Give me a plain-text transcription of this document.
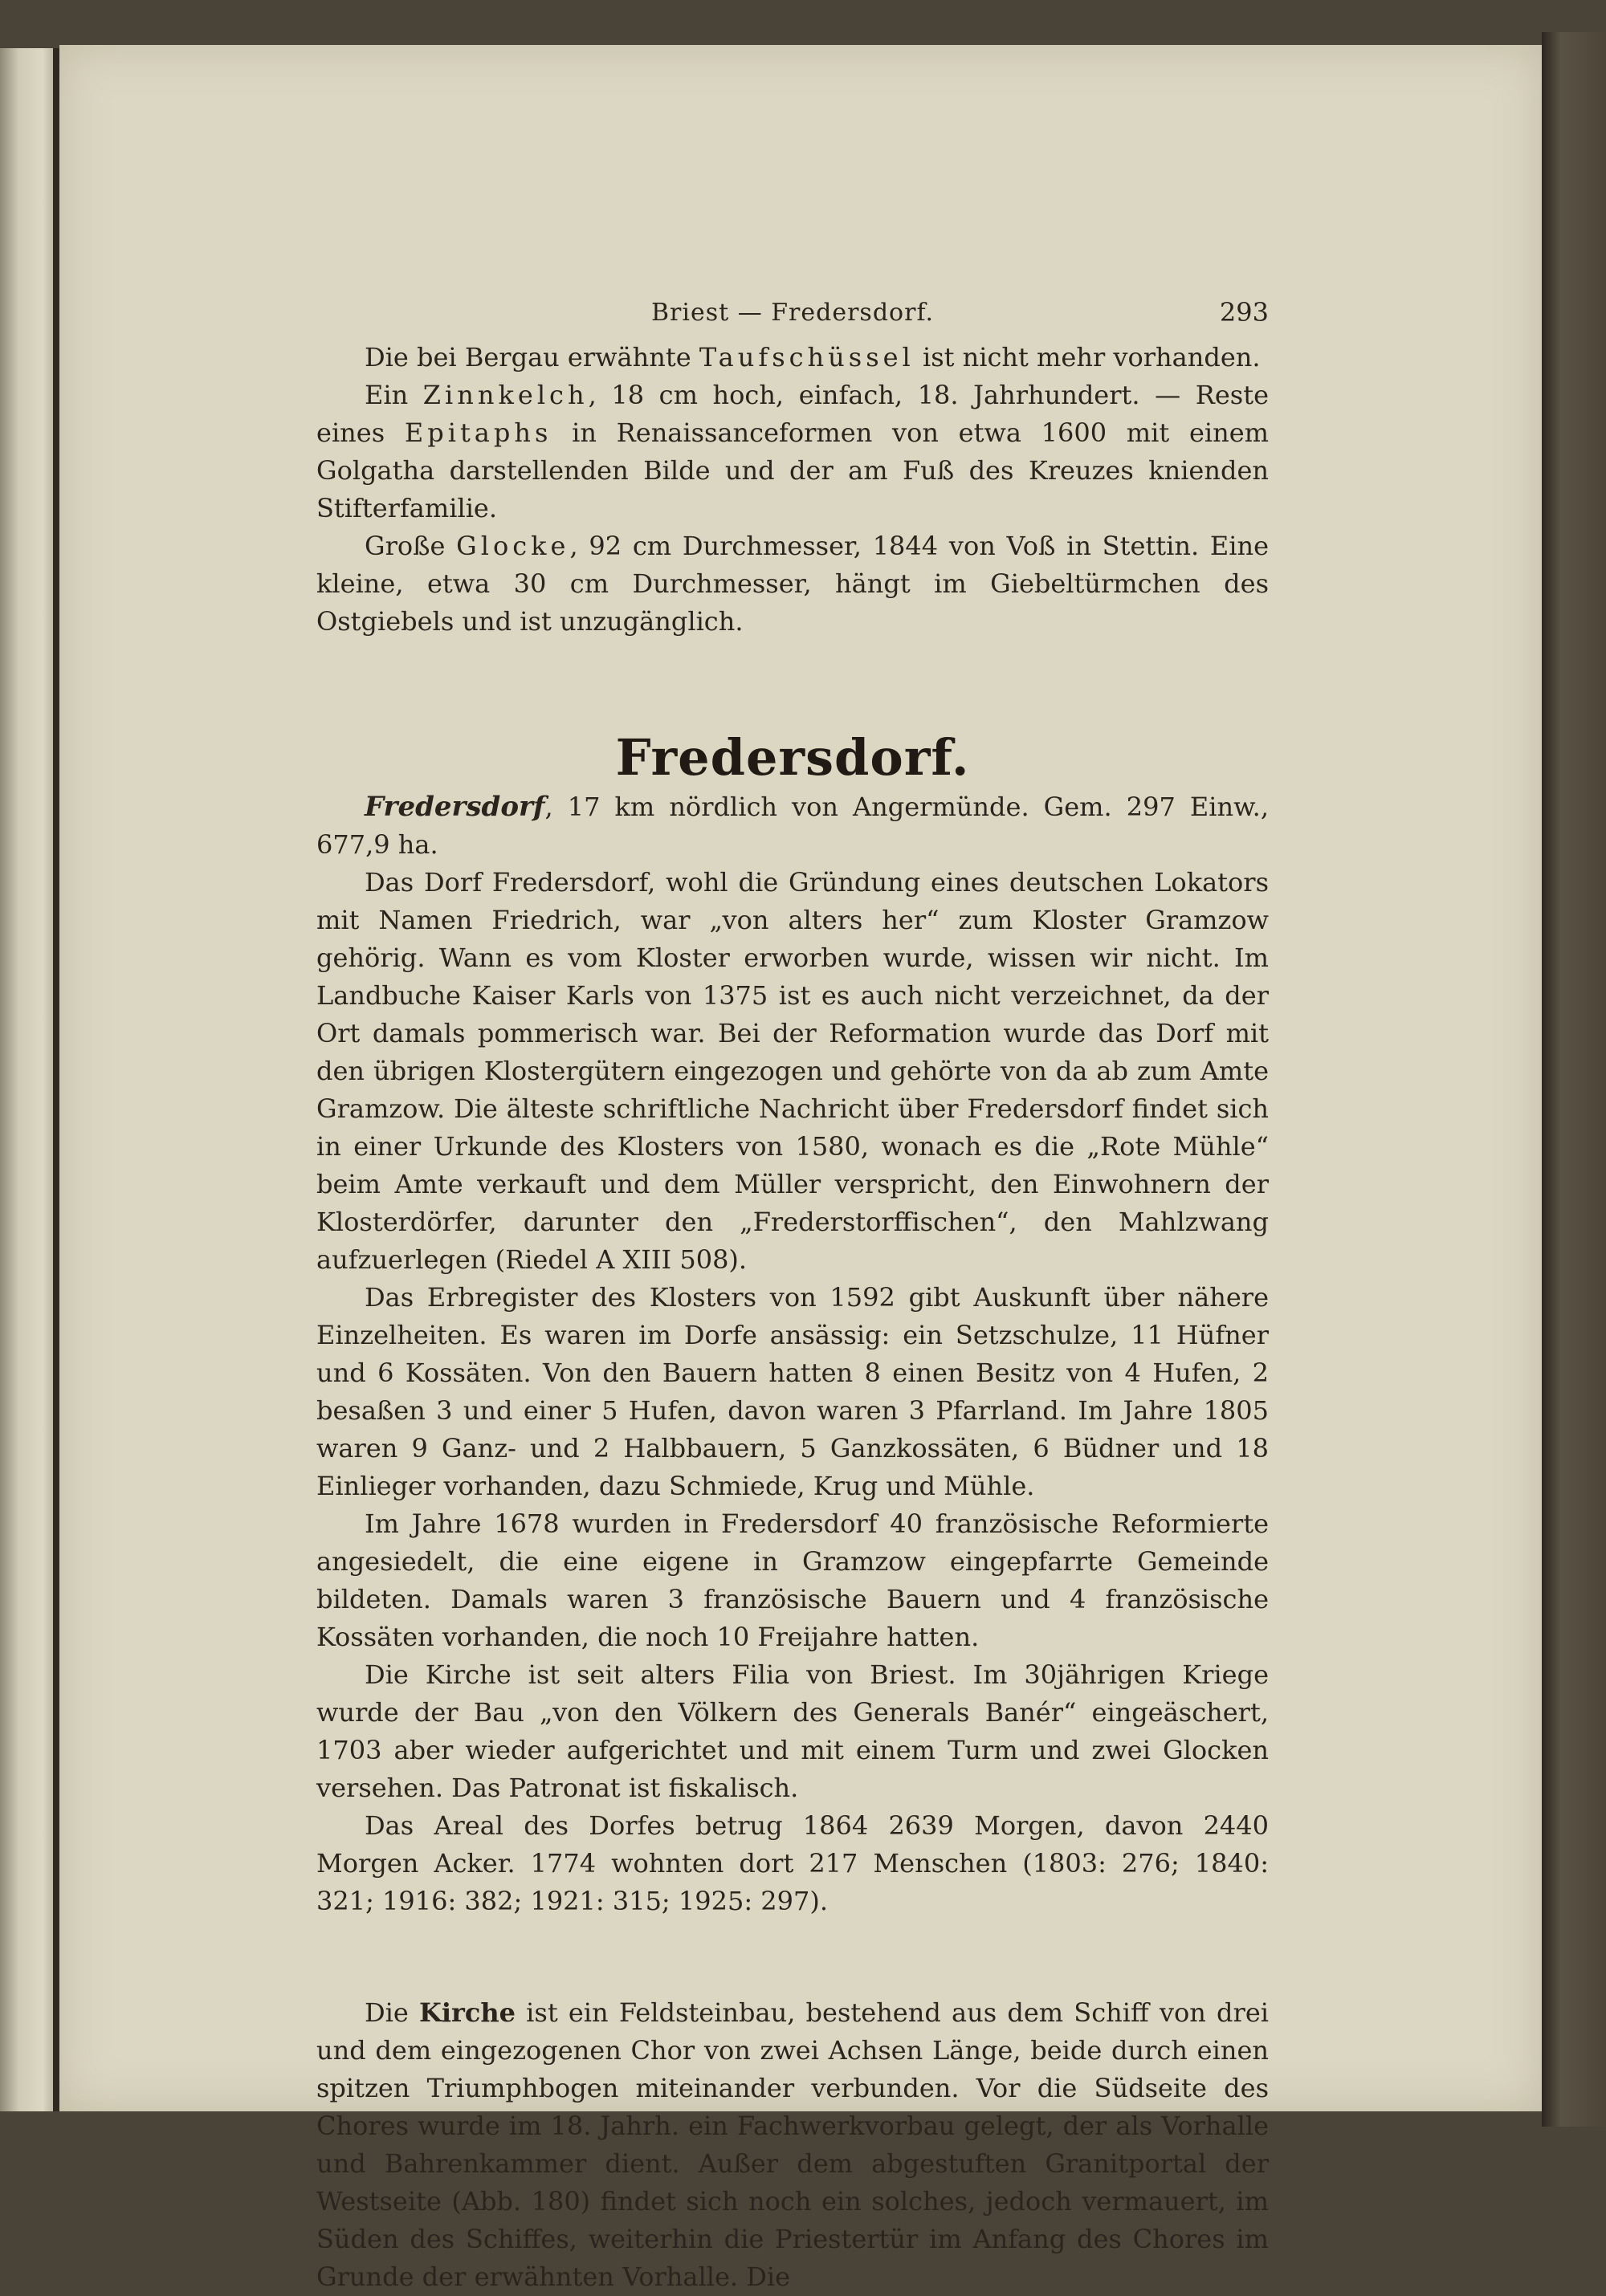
Briest — Fredersdorf.	293

Die bei Bergau erwähnte Taufschüssel ist nicht mehr vorhanden.

Ein Zinnkelch, 18 cm hoch, einfach, 18. Jahrhundert. — Reste eines Epitaphs in Renaissanceformen von etwa 1600 mit einem Golgatha darstellenden Bilde und der am Fuß des Kreuzes knienden Stifterfamilie.

Große Glocke, 92 cm Durchmesser, 1844 von Voß in Stettin. Eine kleine, etwa 30 cm Durchmesser, hängt im Giebeltürmchen des Ostgiebels und ist unzugänglich.

Fredersdorf.

Fredersdorf, 17 km nördlich von Angermünde. Gem. 297 Einw., 677,9 ha.

Das Dorf Fredersdorf, wohl die Gründung eines deutschen Lokators mit Namen Friedrich, war „von alters her“ zum Kloster Gramzow gehörig. Wann es vom Kloster erworben wurde, wissen wir nicht. Im Landbuche Kaiser Karls von 1375 ist es auch nicht verzeichnet, da der Ort damals pommerisch war. Bei der Reformation wurde das Dorf mit den übrigen Klostergütern eingezogen und gehörte von da ab zum Amte Gramzow. Die älteste schriftliche Nachricht über Fredersdorf findet sich in einer Urkunde des Klosters von 1580, wonach es die „Rote Mühle“ beim Amte verkauft und dem Müller verspricht, den Einwohnern der Klosterdörfer, darunter den „Frederstorffischen“, den Mahlzwang aufzuerlegen (Riedel A XIII 508).

Das Erbregister des Klosters von 1592 gibt Auskunft über nähere Einzelheiten. Es waren im Dorfe ansässig: ein Setzschulze, 11 Hüfner und 6 Kossäten. Von den Bauern hatten 8 einen Besitz von 4 Hufen, 2 besaßen 3 und einer 5 Hufen, davon waren 3 Pfarrland. Im Jahre 1805 waren 9 Ganz- und 2 Halbbauern, 5 Ganzkossäten, 6 Büdner und 18 Einlieger vorhanden, dazu Schmiede, Krug und Mühle.

Im Jahre 1678 wurden in Fredersdorf 40 französische Reformierte angesiedelt, die eine eigene in Gramzow eingepfarrte Gemeinde bildeten. Damals waren 3 französische Bauern und 4 französische Kossäten vorhanden, die noch 10 Freijahre hatten.

Die Kirche ist seit alters Filia von Briest. Im 30jährigen Kriege wurde der Bau „von den Völkern des Generals Banér“ eingeäschert, 1703 aber wieder aufgerichtet und mit einem Turm und zwei Glocken versehen. Das Patronat ist fiskalisch.

Das Areal des Dorfes betrug 1864 2639 Morgen, davon 2440 Morgen Acker. 1774 wohnten dort 217 Menschen (1803: 276; 1840: 321; 1916: 382; 1921: 315; 1925: 297).

Die Kirche ist ein Feldsteinbau, bestehend aus dem Schiff von drei und dem eingezogenen Chor von zwei Achsen Länge, beide durch einen spitzen Triumphbogen miteinander verbunden. Vor die Südseite des Chores wurde im 18. Jahrh. ein Fachwerkvorbau gelegt, der als Vorhalle und Bahrenkammer dient. Außer dem abgestuften Granitportal der Westseite (Abb. 180) findet sich noch ein solches, jedoch vermauert, im Süden des Schiffes, weiterhin die Priestertür im Anfang des Chores im Grunde der erwähnten Vorhalle. Die
